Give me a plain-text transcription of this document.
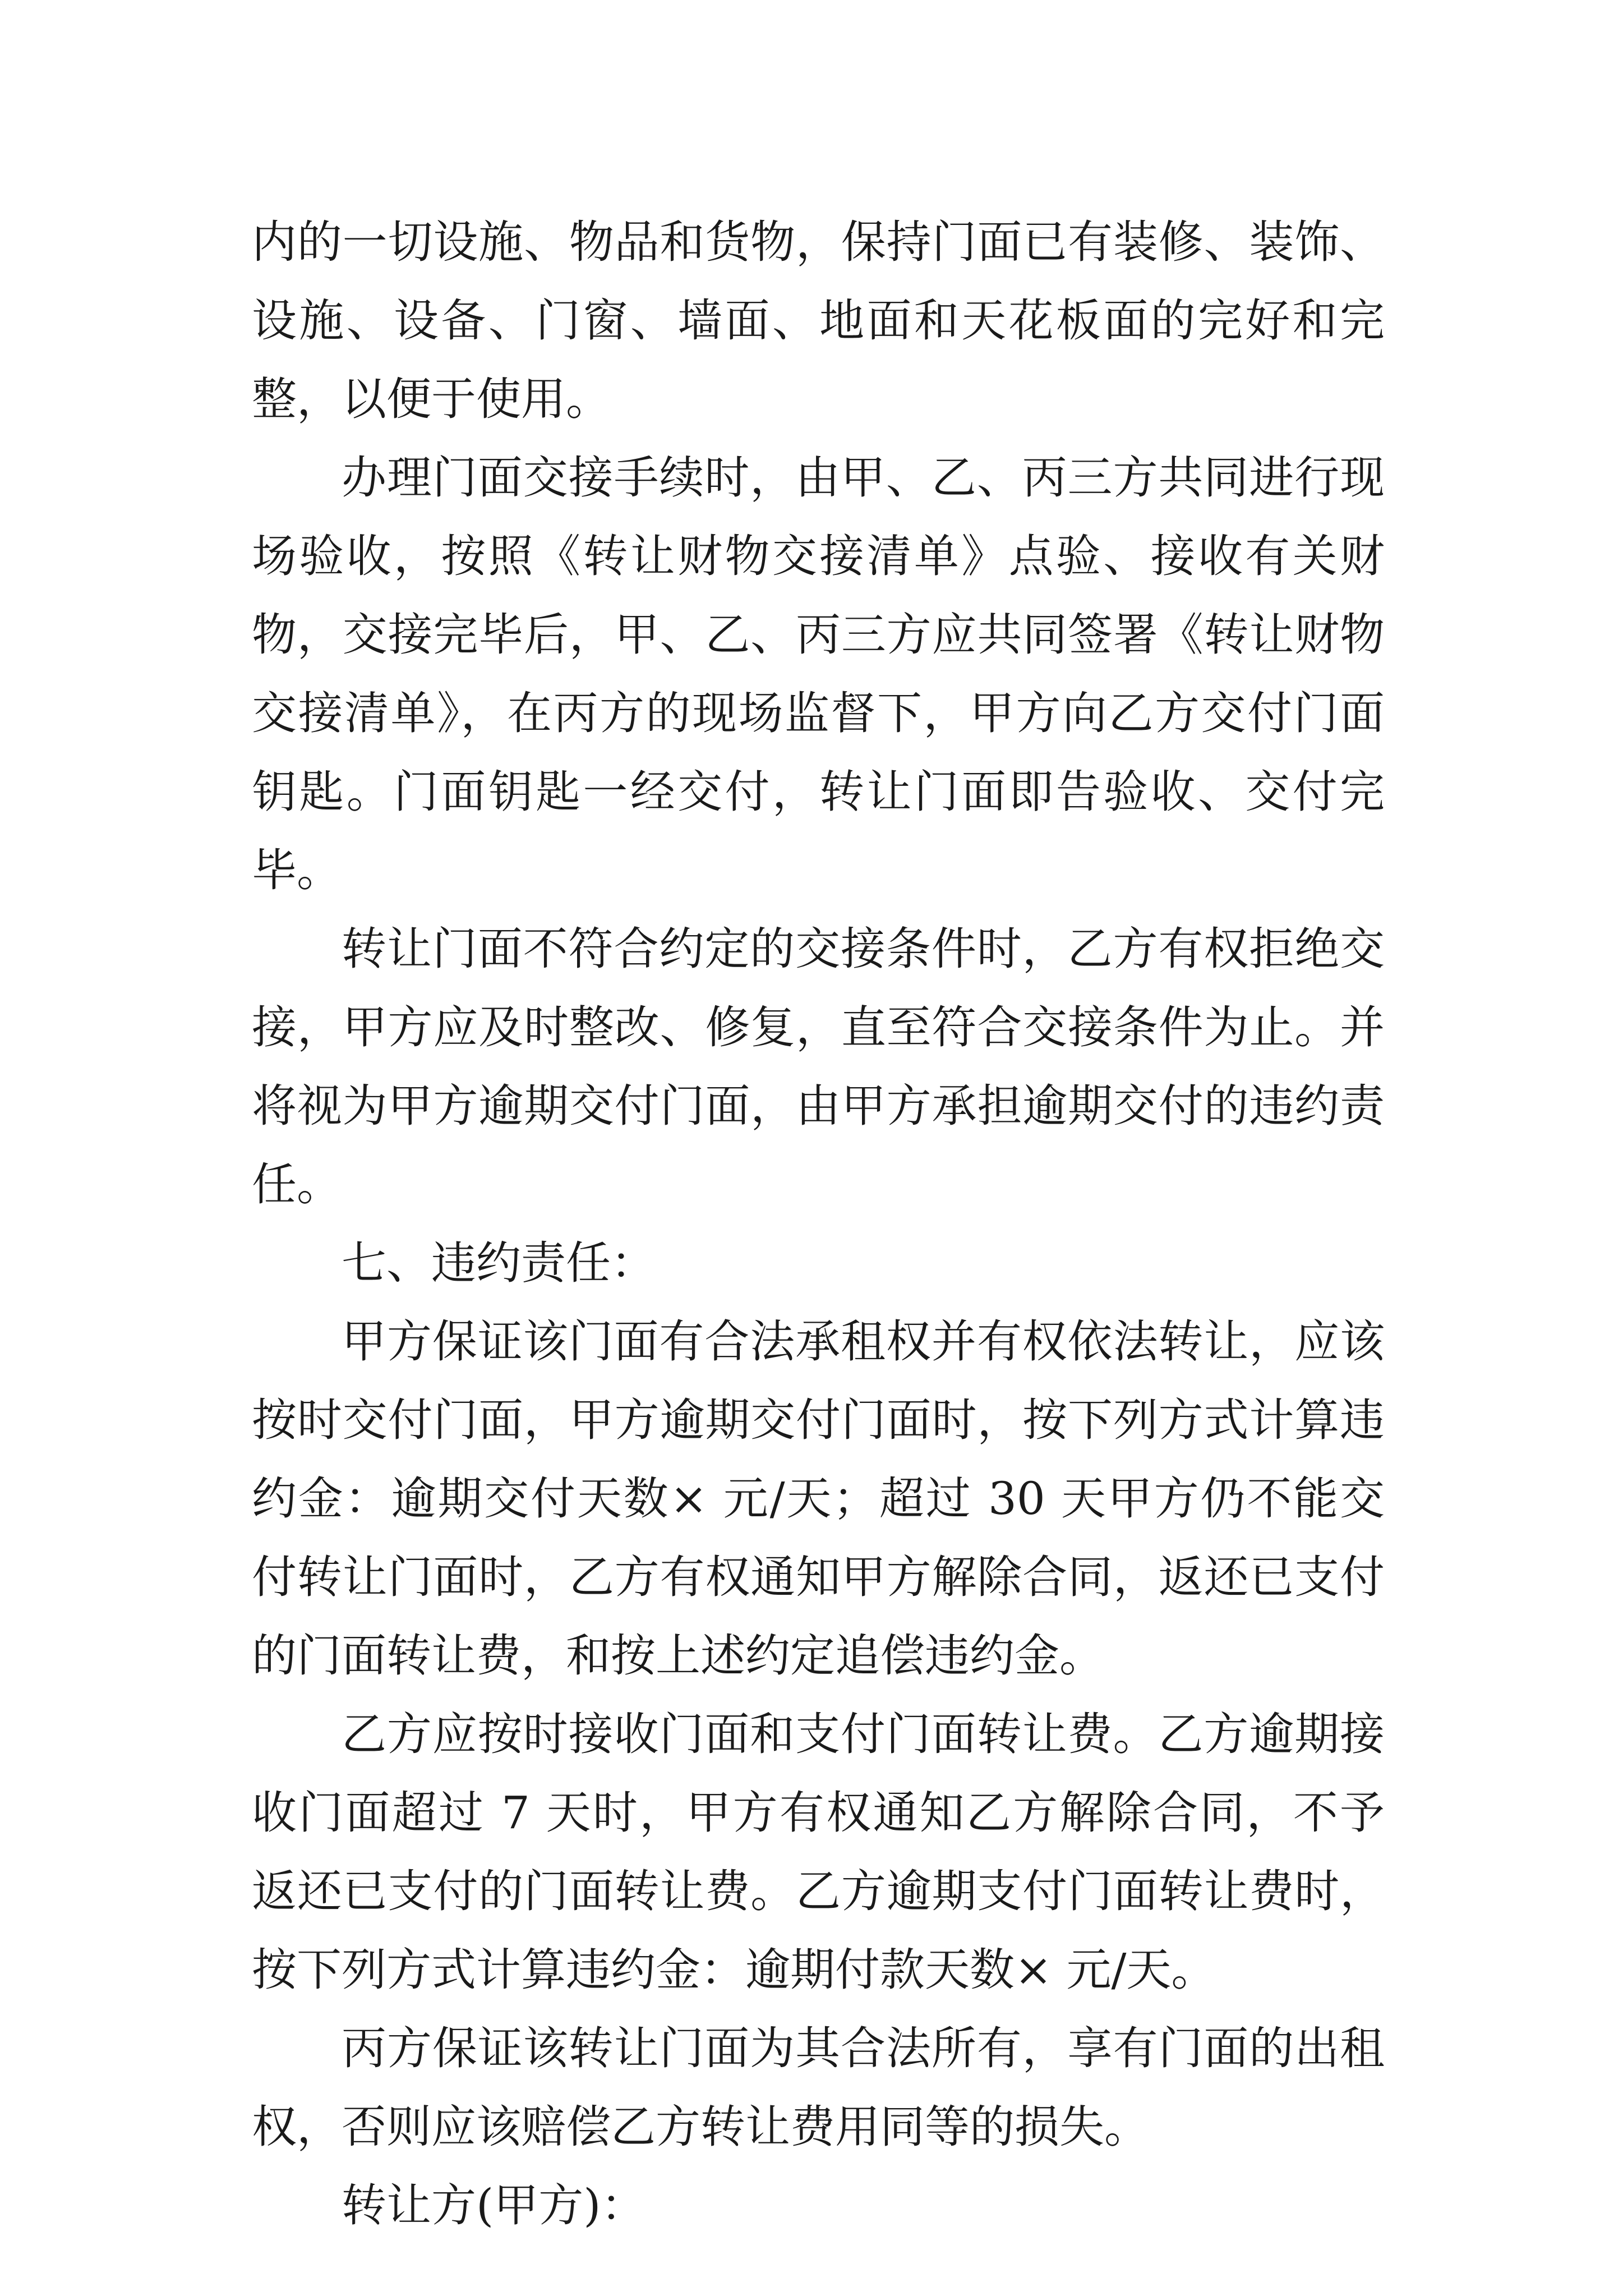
内的一切设施、物品和货物，保持门面已有装修、装饰、设施、设备、门窗、墙面、地面和天花板面的完好和完整，以便于使用。

办理门面交接手续时，由甲、乙、丙三方共同进行现场验收，按照《转让财物交接清单》点验、接收有关财物，交接完毕后，甲、乙、丙三方应共同签署《转让财物交接清单》，在丙方的现场监督下，甲方向乙方交付门面钥匙。门面钥匙一经交付，转让门面即告验收、交付完毕。

转让门面不符合约定的交接条件时，乙方有权拒绝交接，甲方应及时整改、修复，直至符合交接条件为止。并将视为甲方逾期交付门面，由甲方承担逾期交付的违约责任。

七、违约责任：

甲方保证该门面有合法承租权并有权依法转让，应该按时交付门面，甲方逾期交付门面时，按下列方式计算违约金：逾期交付天数× 元/天；超过 30 天甲方仍不能交付转让门面时，乙方有权通知甲方解除合同，返还已支付的门面转让费，和按上述约定追偿违约金。

乙方应按时接收门面和支付门面转让费。乙方逾期接收门面超过 7 天时，甲方有权通知乙方解除合同，不予返还已支付的门面转让费。乙方逾期支付门面转让费时，按下列方式计算违约金：逾期付款天数× 元/天。

丙方保证该转让门面为其合法所有，享有门面的出租权，否则应该赔偿乙方转让费用同等的损失。

转让方(甲方)：
